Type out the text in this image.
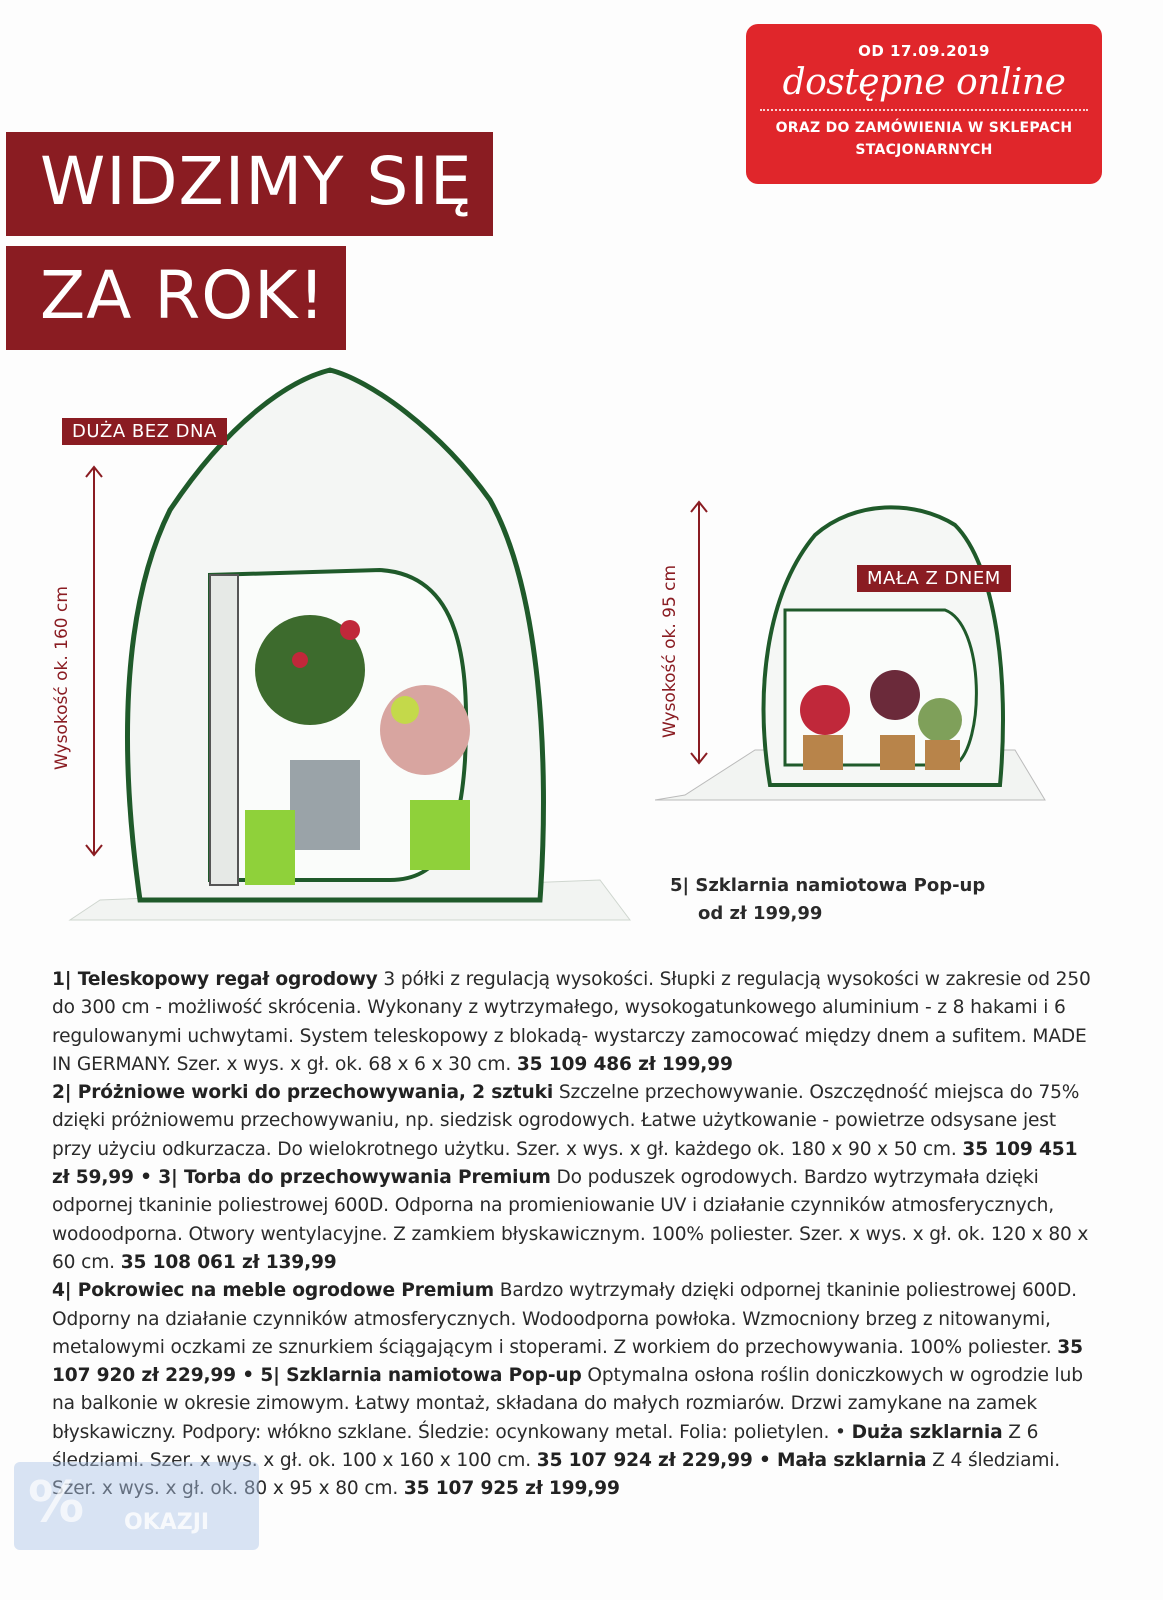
OD 17.09.2019
dostępne online
ORAZ DO ZAMÓWIENIA W SKLEPACH
STACJONARNYCH
WIDZIMY SIĘ
ZA ROK!
DUŻA BEZ DNA
Wysokość ok. 160 cm
MAŁA Z DNEM
Wysokość ok. 95 cm
5| Szklarnia namiotowa Pop-up
od zł 199,99
1| Teleskopowy regał ogrodowy 3 półki z regulacją wysokości. Słupki z regulacją wysokości w zakresie od 250 do 300 cm - możliwość skrócenia. Wykonany z wytrzymałego, wysokogatunkowego aluminium - z 8 hakami i 6 regulowanymi uchwytami. System teleskopowy z blokadą- wystarczy zamocować między dnem a sufitem. MADE IN GERMANY. Szer. x wys. x gł. ok. 68 x 6 x 30 cm. 35 109 486 zł 199,99
2| Próżniowe worki do przechowywania, 2 sztuki Szczelne przechowywanie. Oszczędność miejsca do 75% dzięki próżniowemu przechowywaniu, np. siedzisk ogrodowych. Łatwe użytkowanie - powietrze odsysane jest przy użyciu odkurzacza. Do wielokrotnego użytku. Szer. x wys. x gł. każdego ok. 180 x 90 x 50 cm. 35 109 451 zł 59,99 • 3| Torba do przechowywania Premium Do poduszek ogrodowych. Bardzo wytrzymała dzięki odpornej tkaninie poliestrowej 600D. Odporna na promieniowanie UV i działanie czynników atmosferycznych, wodoodporna. Otwory wentylacyjne. Z zamkiem błyskawicznym. 100% poliester. Szer. x wys. x gł. ok. 120 x 80 x 60 cm. 35 108 061 zł 139,99
4| Pokrowiec na meble ogrodowe Premium Bardzo wytrzymały dzięki odpornej tkaninie poliestrowej 600D. Odporny na działanie czynników atmosferycznych. Wodoodporna powłoka. Wzmocniony brzeg z nitowanymi, metalowymi oczkami ze sznurkiem ściągającym i stoperami. Z workiem do przechowywania. 100% poliester. 35 107 920 zł 229,99 • 5| Szklarnia namiotowa Pop-up Optymalna osłona roślin doniczkowych w ogrodzie lub na balkonie w okresie zimowym. Łatwy montaż, składana do małych rozmiarów. Drzwi zamykane na zamek błyskawiczny. Podpory: włókno szklane. Śledzie: ocynkowany metal. Folia: polietylen. • Duża szklarnia Z 6 śledziami. Szer. x wys. x gł. ok. 100 x 160 x 100 cm. 35 107 924 zł 229,99 • Mała szklarnia Z 4 śledziami. Szer. x wys. x gł. ok. 80 x 95 x 80 cm. 35 107 925 zł 199,99
% OKAZJI
